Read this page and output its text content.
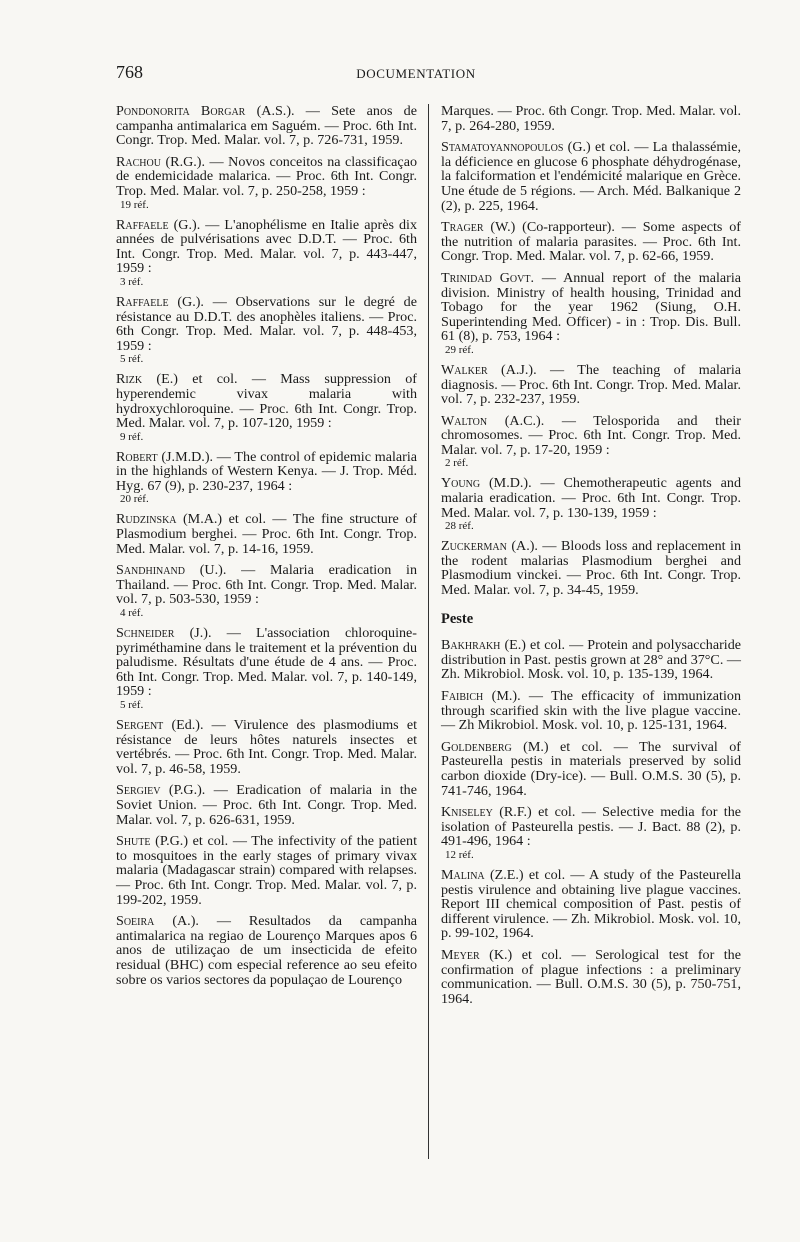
768	DOCUMENTATION
Pondonorita Borgar (A.S.). — Sete anos de campanha antimalarica em Saguém. — Proc. 6th Int. Congr. Trop. Med. Malar. vol. 7, p. 726-731, 1959.
Rachou (R.G.). — Novos conceitos na classificaçao de endemicidade malarica. — Proc. 6th Int. Congr. Trop. Med. Malar. vol. 7, p. 250-258, 1959 :
19 réf.
Raffaele (G.). — L'anophélisme en Italie après dix années de pulvérisations avec D.D.T. — Proc. 6th Int. Congr. Trop. Med. Malar. vol. 7, p. 443-447, 1959 :
3 réf.
Raffaele (G.). — Observations sur le degré de résistance au D.D.T. des anophèles italiens. — Proc. 6th Congr. Trop. Med. Malar. vol. 7, p. 448-453, 1959 :
5 réf.
Rizk (E.) et col. — Mass suppression of hyperendemic vivax malaria with hydroxychloroquine. — Proc. 6th Int. Congr. Trop. Med. Malar. vol. 7, p. 107-120, 1959 :
9 réf.
Robert (J.M.D.). — The control of epidemic malaria in the highlands of Western Kenya. — J. Trop. Méd. Hyg. 67 (9), p. 230-237, 1964 :
20 réf.
Rudzinska (M.A.) et col. — The fine structure of Plasmodium berghei. — Proc. 6th Int. Congr. Trop. Med. Malar. vol. 7, p. 14-16, 1959.
Sandhinand (U.). — Malaria eradication in Thailand. — Proc. 6th Int. Congr. Trop. Med. Malar. vol. 7, p. 503-530, 1959 :
4 réf.
Schneider (J.). — L'association chloroquine-pyriméthamine dans le traitement et la prévention du paludisme. Résultats d'une étude de 4 ans. — Proc. 6th Int. Congr. Trop. Med. Malar. vol. 7, p. 140-149, 1959 :
5 réf.
Sergent (Ed.). — Virulence des plasmodiums et résistance de leurs hôtes naturels insectes et vertébrés. — Proc. 6th Int. Congr. Trop. Med. Malar. vol. 7, p. 46-58, 1959.
Sergiev (P.G.). — Eradication of malaria in the Soviet Union. — Proc. 6th Int. Congr. Trop. Med. Malar. vol. 7, p. 626-631, 1959.
Shute (P.G.) et col. — The infectivity of the patient to mosquitoes in the early stages of primary vivax malaria (Madagascar strain) compared with relapses. — Proc. 6th Int. Congr. Trop. Med. Malar. vol. 7, p. 199-202, 1959.
Soeira (A.). — Resultados da campanha antimalarica na regiao de Lourenço Marques apos 6 anos de utilizaçao de um insecticida de efeito residual (BHC) com especial reference ao seu efeito sobre os varios sectores da populaçao de Lourenço
Marques. — Proc. 6th Congr. Trop. Med. Malar. vol. 7, p. 264-280, 1959.
Stamatoyannopoulos (G.) et col. — La thalassémie, la déficience en glucose 6 phosphate déhydrogénase, la falciformation et l'endémicité malarique en Grèce. Une étude de 5 régions. — Arch. Méd. Balkanique 2 (2), p. 225, 1964.
Trager (W.) (Co-rapporteur). — Some aspects of the nutrition of malaria parasites. — Proc. 6th Int. Congr. Trop. Med. Malar. vol. 7, p. 62-66, 1959.
Trinidad Govt. — Annual report of the malaria division. Ministry of health housing, Trinidad and Tobago for the year 1962 (Siung, O.H. Superintending Med. Officer) - in : Trop. Dis. Bull. 61 (8), p. 753, 1964 :
29 réf.
Walker (A.J.). — The teaching of malaria diagnosis. — Proc. 6th Int. Congr. Trop. Med. Malar. vol. 7, p. 232-237, 1959.
Walton (A.C.). — Telosporida and their chromosomes. — Proc. 6th Int. Congr. Trop. Med. Malar. vol. 7, p. 17-20, 1959 :
2 réf.
Young (M.D.). — Chemotherapeutic agents and malaria eradication. — Proc. 6th Int. Congr. Trop. Med. Malar. vol. 7, p. 130-139, 1959 :
28 réf.
Zuckerman (A.). — Bloods loss and replacement in the rodent malarias Plasmodium berghei and Plasmodium vinckei. — Proc. 6th Int. Congr. Trop. Med. Malar. vol. 7, p. 34-45, 1959.
Peste
Bakhrakh (E.) et col. — Protein and polysaccharide distribution in Past. pestis grown at 28° and 37°C. — Zh. Mikrobiol. Mosk. vol. 10, p. 135-139, 1964.
Faibich (M.). — The efficacity of immunization through scarified skin with the live plague vaccine. — Zh Mikrobiol. Mosk. vol. 10, p. 125-131, 1964.
Goldenberg (M.) et col. — The survival of Pasteurella pestis in materials preserved by solid carbon dioxide (Dry-ice). — Bull. O.M.S. 30 (5), p. 741-746, 1964.
Kniseley (R.F.) et col. — Selective media for the isolation of Pasteurella pestis. — J. Bact. 88 (2), p. 491-496, 1964 :
12 réf.
Malina (Z.E.) et col. — A study of the Pasteurella pestis virulence and obtaining live plague vaccines. Report III chemical composition of Past. pestis of different virulence. — Zh. Mikrobiol. Mosk. vol. 10, p. 99-102, 1964.
Meyer (K.) et col. — Serological test for the confirmation of plague infections : a preliminary communication. — Bull. O.M.S. 30 (5), p. 750-751, 1964.
